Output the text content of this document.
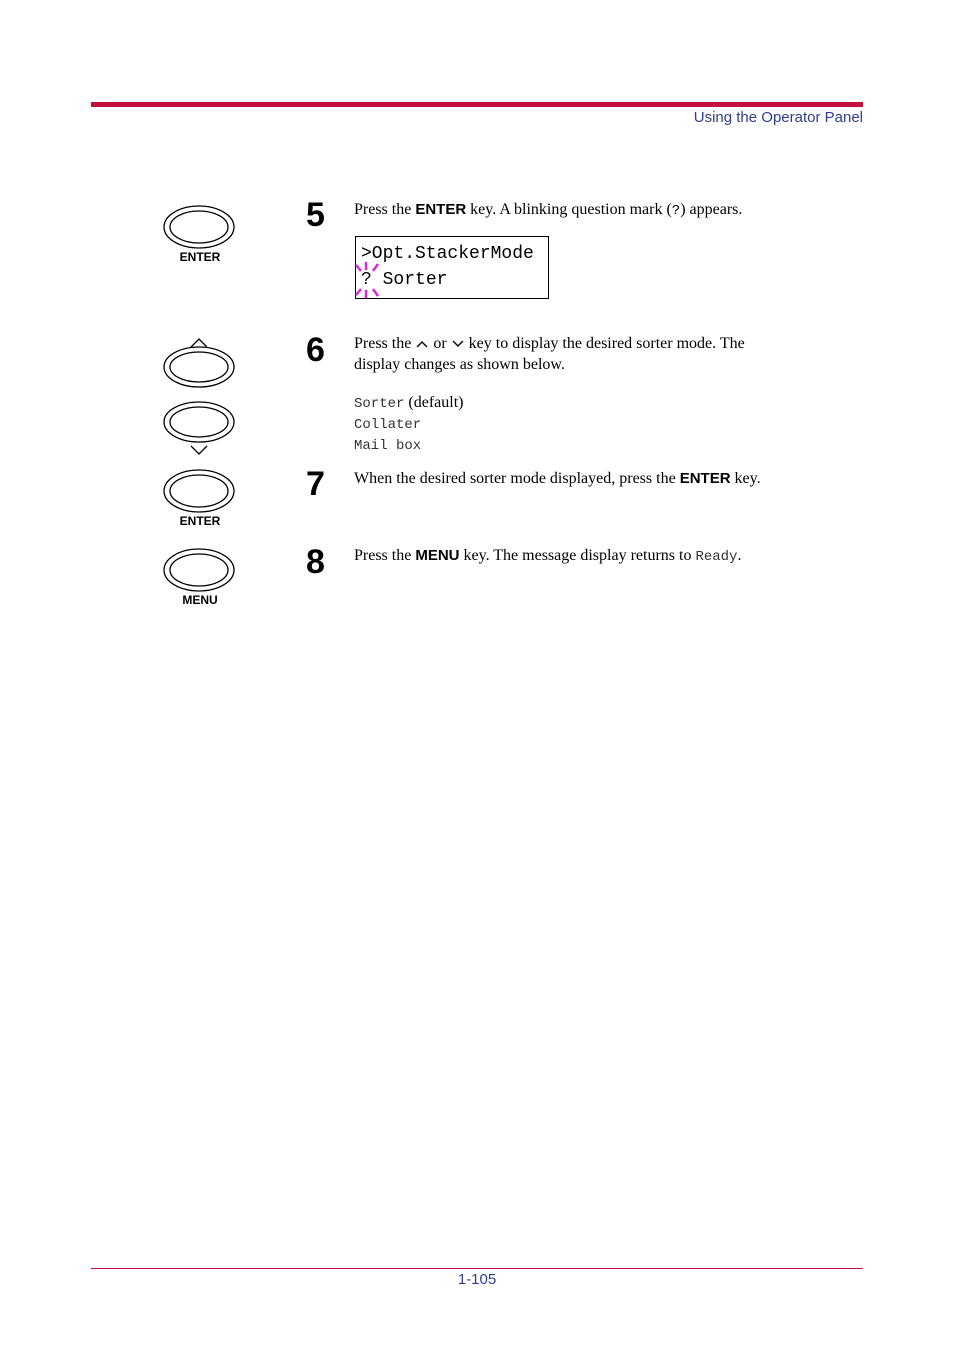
Using the Operator Panel
ENTER
ENTER
MENU
5 Press the ENTER key. A blinking question mark (?) appears.
>Opt.StackerMode
? Sorter
6 Press the  or  key to display the desired sorter mode. The
display changes as shown below.
Sorter (default)
Collater
Mail box
7 When the desired sorter mode displayed, press the ENTER key.
8 Press the MENU key. The message display returns to Ready.
1-105
